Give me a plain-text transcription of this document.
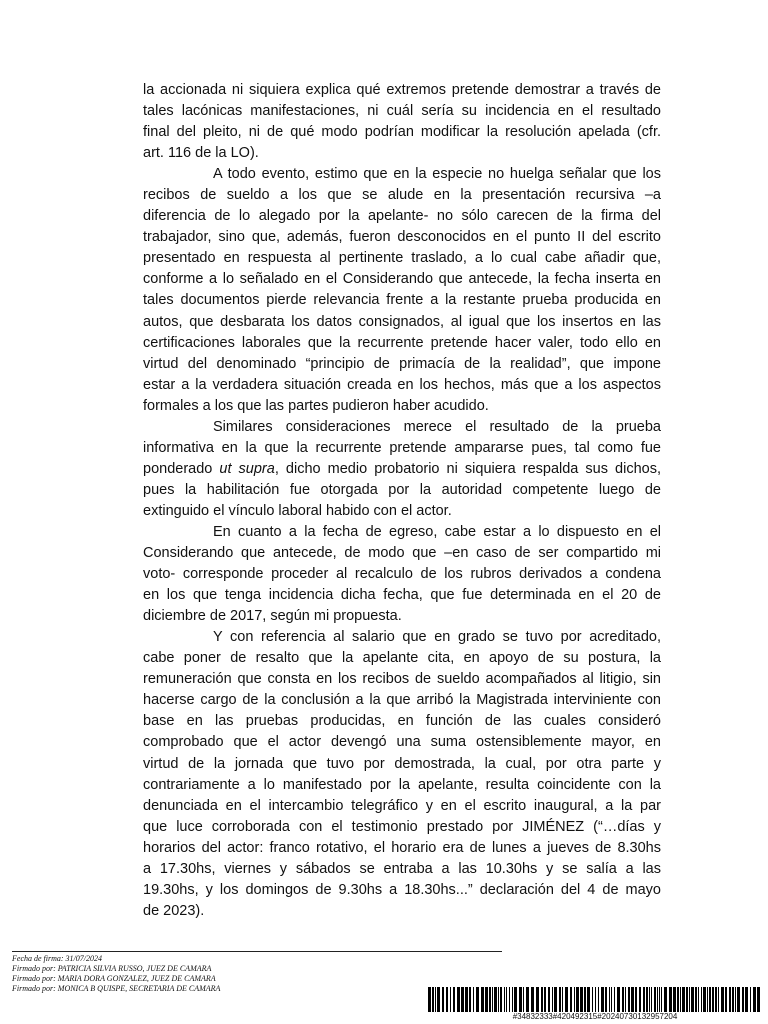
la accionada ni siquiera explica qué extremos pretende demostrar a través de
tales lacónicas manifestaciones, ni cuál sería su incidencia en el resultado
final del pleito, ni de qué modo podrían modificar la resolución apelada (cfr.
art. 116 de la LO).
A todo evento, estimo que en la especie no huelga señalar que los
recibos de sueldo a los que se alude en la presentación recursiva –a
diferencia de lo alegado por la apelante- no sólo carecen de la firma del
trabajador, sino que, además, fueron desconocidos en el punto II del escrito
presentado en respuesta al pertinente traslado, a lo cual cabe añadir que,
conforme a lo señalado en el Considerando que antecede, la fecha inserta en
tales documentos pierde relevancia frente a la restante prueba producida en
autos, que desbarata los datos consignados, al igual que los insertos en las
certificaciones laborales que la recurrente pretende hacer valer, todo ello en
virtud del denominado “principio de primacía de la realidad”, que impone
estar a la verdadera situación creada en los hechos, más que a los aspectos
formales a los que las partes pudieron haber acudido.
Similares consideraciones merece el resultado de la prueba
informativa en la que la recurrente pretende ampararse pues, tal como fue
ponderado ut supra, dicho medio probatorio ni siquiera respalda sus dichos,
pues la habilitación fue otorgada por la autoridad competente luego de
extinguido el vínculo laboral habido con el actor.
En cuanto a la fecha de egreso, cabe estar a lo dispuesto en el
Considerando que antecede, de modo que –en caso de ser compartido mi
voto- corresponde proceder al recalculo de los rubros derivados a condena
en los que tenga incidencia dicha fecha, que fue determinada en el 20 de
diciembre de 2017, según mi propuesta.
Y con referencia al salario que en grado se tuvo por acreditado,
cabe poner de resalto que la apelante cita, en apoyo de su postura, la
remuneración que consta en los recibos de sueldo acompañados al litigio, sin
hacerse cargo de la conclusión a la que arribó la Magistrada interviniente con
base en las pruebas producidas, en función de las cuales consideró
comprobado que el actor devengó una suma ostensiblemente mayor, en
virtud de la jornada que tuvo por demostrada, la cual, por otra parte y
contrariamente a lo manifestado por la apelante, resulta coincidente con la
denunciada en el intercambio telegráfico y en el escrito inaugural, a la par
que luce corroborada con el testimonio prestado por JIMÉNEZ (“…días y
horarios del actor: franco rotativo, el horario era de lunes a jueves de 8.30hs
a 17.30hs, viernes y sábados se entraba a las 10.30hs y se salía a las
19.30hs, y los domingos de 9.30hs a 18.30hs...” declaración del 4 de mayo
de 2023).
Fecha de firma: 31/07/2024
Firmado por: PATRICIA SILVIA RUSSO, JUEZ DE CAMARA
Firmado por: MARIA DORA GONZALEZ, JUEZ DE CAMARA
Firmado por: MONICA B QUISPE, SECRETARIA DE CAMARA
#34832333#420492315#20240730132957204
